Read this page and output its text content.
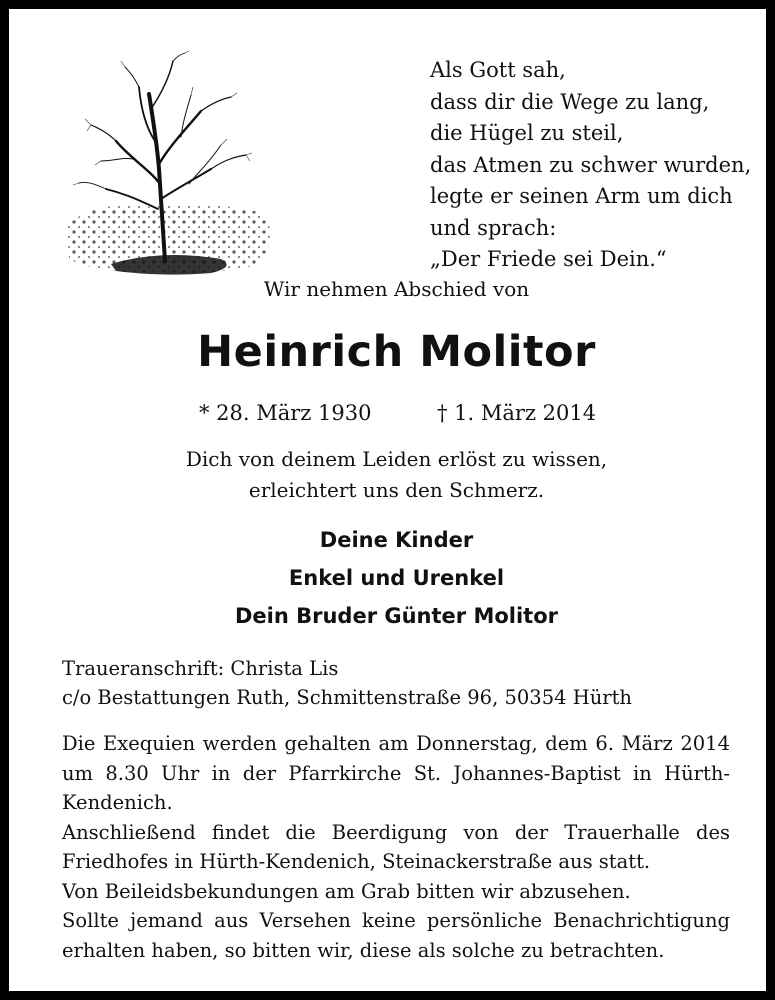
Als Gott sah,
dass dir die Wege zu lang,
die Hügel zu steil,
das Atmen zu schwer wurden,
legte er seinen Arm um dich
und sprach:
„Der Friede sei Dein.“
Wir nehmen Abschied von
Heinrich Molitor
* 28. März 1930	† 1. März 2014
Dich von deinem Leiden erlöst zu wissen,
erleichtert uns den Schmerz.
Deine Kinder
Enkel und Urenkel
Dein Bruder Günter Molitor
Traueranschrift: Christa Lis
c/o Bestattungen Ruth, Schmittenstraße 96, 50354 Hürth

Die Exequien werden gehalten am Donnerstag, dem 6. März 2014 um 8.30 Uhr in der Pfarrkirche St. Johannes-Baptist in Hürth-Kendenich.

Anschließend findet die Beerdigung von der Trauerhalle des Friedhofes in Hürth-Kendenich, Steinackerstraße aus statt.

Von Beileidsbekundungen am Grab bitten wir abzusehen.

Sollte jemand aus Versehen keine persönliche Benachrichtigung erhalten haben, so bitten wir, diese als solche zu betrachten.
